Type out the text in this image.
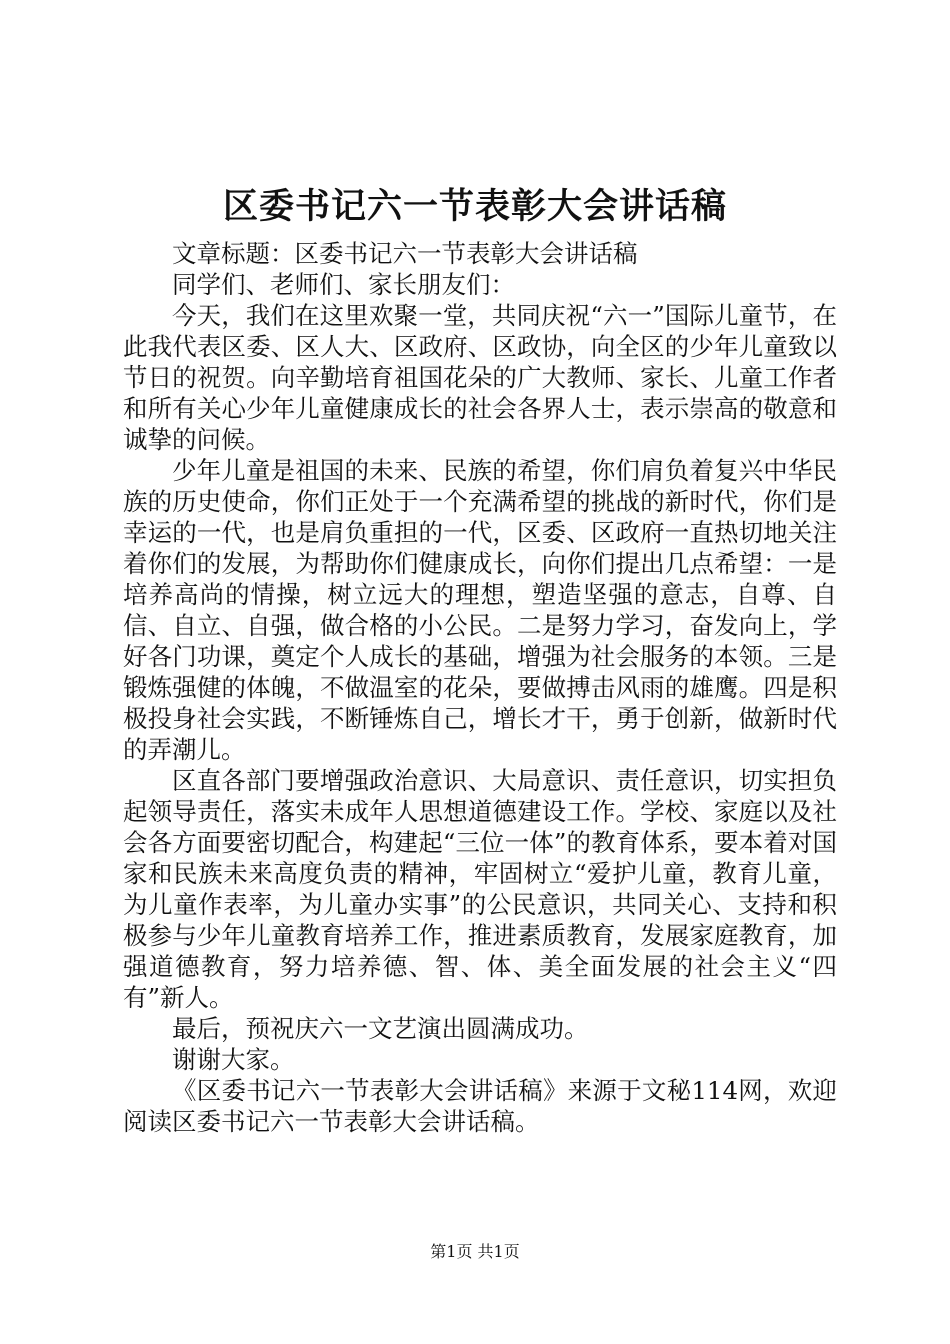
区委书记六一节表彰大会讲话稿

文章标题：区委书记六一节表彰大会讲话稿

同学们、老师们、家长朋友们：

今天，我们在这里欢聚一堂，共同庆祝“六一”国际儿童节，在此我代表区委、区人大、区政府、区政协，向全区的少年儿童致以节日的祝贺。向辛勤培育祖国花朵的广大教师、家长、儿童工作者和所有关心少年儿童健康成长的社会各界人士，表示崇高的敬意和诚挚的问候。

少年儿童是祖国的未来、民族的希望，你们肩负着复兴中华民族的历史使命，你们正处于一个充满希望的挑战的新时代，你们是幸运的一代，也是肩负重担的一代，区委、区政府一直热切地关注着你们的发展，为帮助你们健康成长，向你们提出几点希望：一是培养高尚的情操，树立远大的理想，塑造坚强的意志，自尊、自信、自立、自强，做合格的小公民。二是努力学习，奋发向上，学好各门功课，奠定个人成长的基础，增强为社会服务的本领。三是锻炼强健的体魄，不做温室的花朵，要做搏击风雨的雄鹰。四是积极投身社会实践，不断锤炼自己，增长才干，勇于创新，做新时代的弄潮儿。

区直各部门要增强政治意识、大局意识、责任意识，切实担负起领导责任，落实未成年人思想道德建设工作。学校、家庭以及社会各方面要密切配合，构建起“三位一体”的教育体系，要本着对国家和民族未来高度负责的精神，牢固树立“爱护儿童，教育儿童，为儿童作表率，为儿童办实事”的公民意识，共同关心、支持和积极参与少年儿童教育培养工作，推进素质教育，发展家庭教育，加强道德教育，努力培养德、智、体、美全面发展的社会主义“四有”新人。

最后，预祝庆六一文艺演出圆满成功。

谢谢大家。

《区委书记六一节表彰大会讲话稿》来源于文秘114网，欢迎阅读区委书记六一节表彰大会讲话稿。

第1页 共1页
